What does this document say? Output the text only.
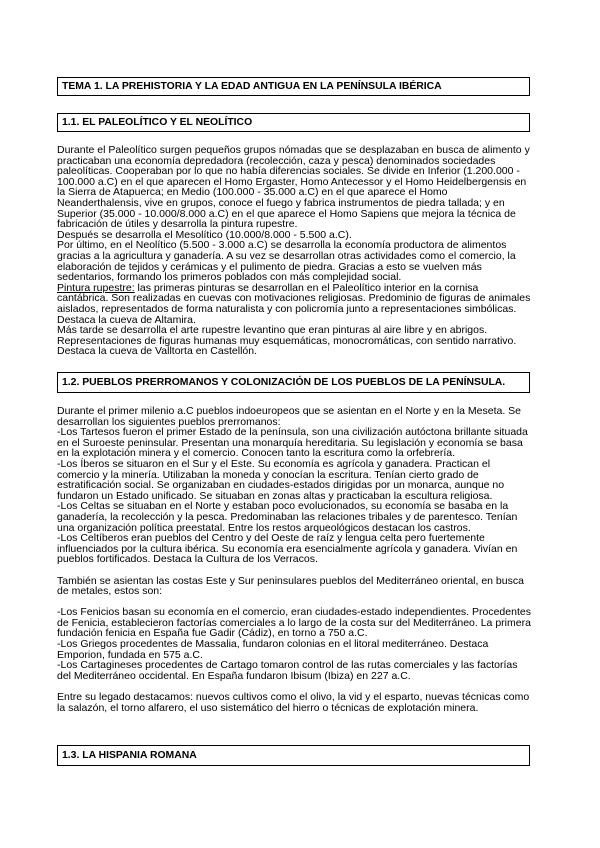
TEMA 1. LA PREHISTORIA Y LA EDAD ANTIGUA EN LA PENÍNSULA IBÉRICA
1.1. EL PALEOLÍTICO Y EL NEOLÍTICO

Durante el Paleolítico surgen pequeños grupos nómadas que se desplazaban en busca de alimento y practicaban una economía depredadora (recolección, caza y pesca) denominados sociedades paleolíticas. Cooperaban por lo que no había diferencias sociales. Se divide en Inferior (1.200.000 - 100.000 a.C) en el que aparecen el Homo Ergaster, Homo Antecessor y el Homo Heidelbergensis en la Sierra de Atapuerca; en Medio (100.000 - 35.000 a.C) en el que aparece el Homo Neanderthalensis, vive en grupos, conoce el fuego y fabrica instrumentos de piedra tallada; y en Superior (35.000 - 10.000/8.000 a.C) en el que aparece el Homo Sapiens que mejora la técnica de fabricación de útiles y desarrolla la pintura rupestre.

Después se desarrolla el Mesolítico (10.000/8.000 - 5.500 a.C).

Por último, en el Neolítico (5.500 - 3.000 a.C) se desarrolla la economía productora de alimentos gracias a la agricultura y ganadería. A su vez se desarrollan otras actividades como el comercio, la elaboración de tejidos y cerámicas y el pulimento de piedra. Gracias a esto se vuelven más sedentarios, formando los primeros poblados con más complejidad social.

Pintura rupestre: las primeras pinturas se desarrollan en el Paleolítico interior en la cornisa cantábrica. Son realizadas en cuevas con motivaciones religiosas. Predominio de figuras de animales aislados, representados de forma naturalista y con policromía junto a representaciones simbólicas. Destaca la cueva de Altamira.

Más tarde se desarrolla el arte rupestre levantino que eran pinturas al aire libre y en abrigos. Representaciones de figuras humanas muy esquemáticas, monocromáticas, con sentido narrativo. Destaca la cueva de Valltorta en Castellón.

1.2. PUEBLOS PRERROMANOS Y COLONIZACIÓN DE LOS PUEBLOS DE LA PENÍNSULA.

Durante el primer milenio a.C pueblos indoeuropeos que se asientan en el Norte y en la Meseta. Se desarrollan los siguientes pueblos prerromanos:

-Los Tartesos fueron el primer Estado de la península, son una civilización autóctona brillante situada en el Suroeste peninsular. Presentan una monarquía hereditaria. Su legislación y economía se basa en la explotación minera y el comercio. Conocen tanto la escritura como la orfebrería.

-Los Íberos se situaron en el Sur y el Este. Su economía es agrícola y ganadera. Practican el comercio y la minería. Utilizaban la moneda y conocían la escritura. Tenían cierto grado de estratificación social. Se organizaban en ciudades-estados dirigidas por un monarca, aunque no fundaron un Estado unificado. Se situaban en zonas altas y practicaban la escultura religiosa.

-Los Celtas se situaban en el Norte y estaban poco evolucionados, su economía se basaba en la ganadería, la recolección y la pesca. Predominaban las relaciones tribales y de parentesco. Tenían una organización política preestatal. Entre los restos arqueológicos destacan los castros.

-Los Celtíberos eran pueblos del Centro y del Oeste de raíz y lengua celta pero fuertemente influenciados por la cultura ibérica. Su economía era esencialmente agrícola y ganadera. Vivían en pueblos fortificados. Destaca la Cultura de los Verracos.

También se asientan las costas Este y Sur peninsulares pueblos del Mediterráneo oriental, en busca de metales, estos son:

-Los Fenicios basan su economía en el comercio, eran ciudades-estado independientes. Procedentes de Fenicia, establecieron factorías comerciales a lo largo de la costa sur del Mediterráneo. La primera fundación fenicia en España fue Gadir (Cádiz), en torno a 750 a.C.

-Los Griegos procedentes de Massalia, fundaron colonias en el litoral mediterráneo. Destaca Emporion, fundada en 575 a.C.

-Los Cartagineses procedentes de Cartago tomaron control de las rutas comerciales y las factorías del Mediterráneo occidental. En España fundaron Ibisum (Ibiza) en 227 a.C.

Entre su legado destacamos: nuevos cultivos como el olivo, la vid y el esparto, nuevas técnicas como la salazón, el torno alfarero, el uso sistemático del hierro o técnicas de explotación minera.

1.3. LA HISPANIA ROMANA
